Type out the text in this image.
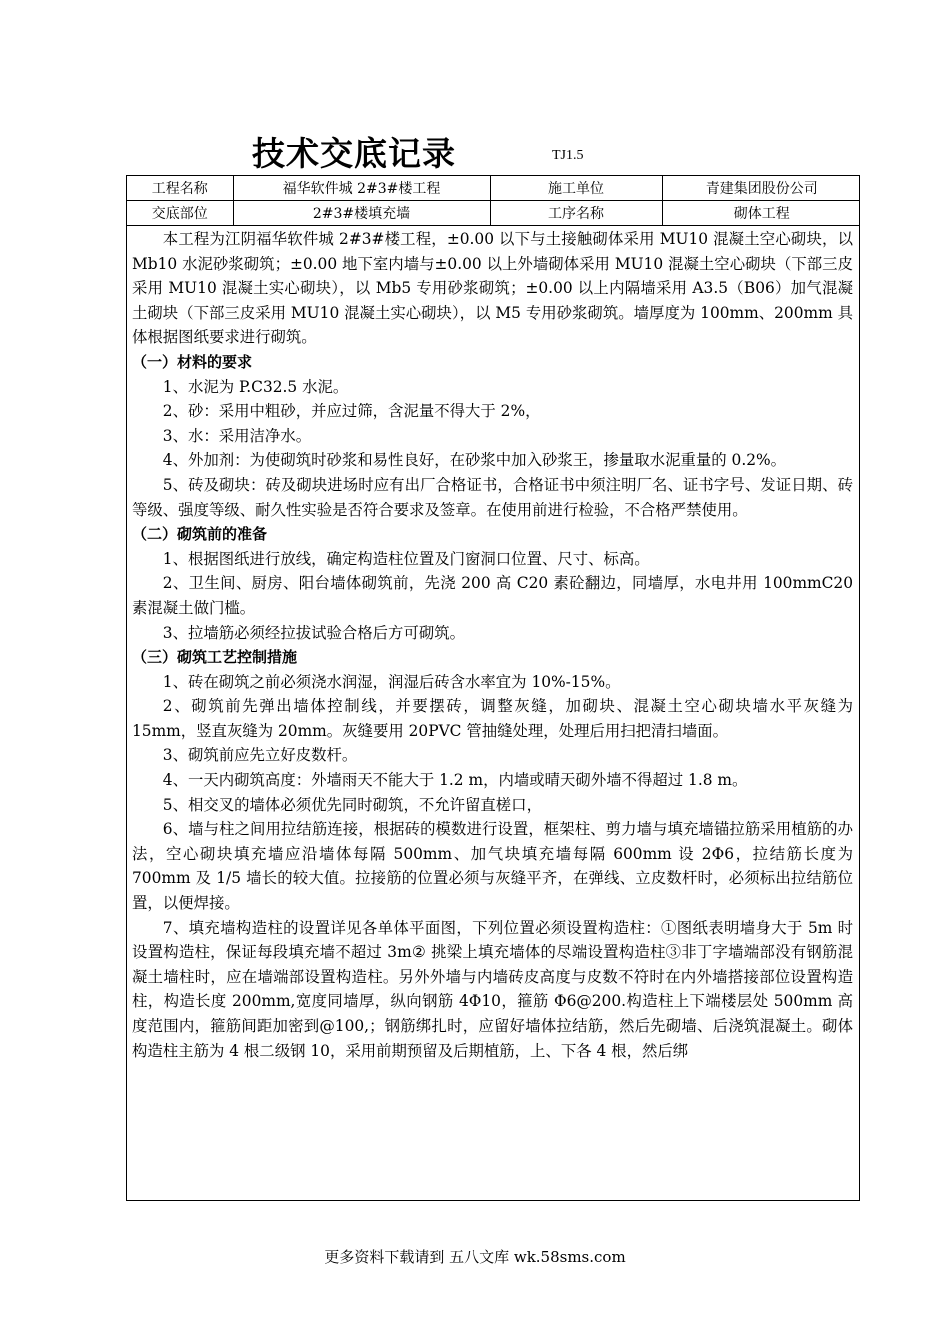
技术交底记录	TJ1.5
工程名称	福华软件城 2#3#楼工程	施工单位	青建集团股份公司
交底部位	2#3#楼填充墙	工序名称	砌体工程

本工程为江阴福华软件城 2#3#楼工程，±0.00 以下与土接触砌体采用 MU10 混凝土空心砌块，以 Mb10 水泥砂浆砌筑；±0.00 地下室内墙与±0.00 以上外墙砌体采用 MU10 混凝土空心砌块（下部三皮采用 MU10 混凝土实心砌块），以 Mb5 专用砂浆砌筑；±0.00 以上内隔墙采用 A3.5（B06）加气混凝土砌块（下部三皮采用 MU10 混凝土实心砌块），以 M5 专用砂浆砌筑。墙厚度为 100mm、200mm 具体根据图纸要求进行砌筑。

（一）材料的要求

1、水泥为 P.C32.5 水泥。

2、砂：采用中粗砂，并应过筛，含泥量不得大于 2%，

3、水：采用洁净水。

4、外加剂：为使砌筑时砂浆和易性良好，在砂浆中加入砂浆王，掺量取水泥重量的 0.2%。

5、砖及砌块：砖及砌块进场时应有出厂合格证书，合格证书中须注明厂名、证书字号、发证日期、砖等级、强度等级、耐久性实验是否符合要求及签章。在使用前进行检验，不合格严禁使用。

（二）砌筑前的准备

1、根据图纸进行放线，确定构造柱位置及门窗洞口位置、尺寸、标高。

2、卫生间、厨房、阳台墙体砌筑前，先浇 200 高 C20 素砼翻边，同墙厚，水电井用 100mmC20 素混凝土做门槛。

3、拉墙筋必须经拉拔试验合格后方可砌筑。

（三）砌筑工艺控制措施

1、砖在砌筑之前必须浇水润湿，润湿后砖含水率宜为 10%-15%。

2、砌筑前先弹出墙体控制线，并要摆砖，调整灰缝，加砌块、混凝土空心砌块墙水平灰缝为 15mm，竖直灰缝为 20mm。灰缝要用 20PVC 管抽缝处理，处理后用扫把清扫墙面。

3、砌筑前应先立好皮数杆。

4、一天内砌筑高度：外墙雨天不能大于 1.2 m，内墙或晴天砌外墙不得超过 1.8 m。

5、相交叉的墙体必须优先同时砌筑，不允许留直槎口，

6、墙与柱之间用拉结筋连接，根据砖的模数进行设置，框架柱、剪力墙与填充墙锚拉筋采用植筋的办法，空心砌块填充墙应沿墙体每隔 500mm、加气块填充墙每隔 600mm 设 2Φ6，拉结筋长度为 700mm 及 1/5 墙长的较大值。拉接筋的位置必须与灰缝平齐，在弹线、立皮数杆时，必须标出拉结筋位置，以便焊接。

7、填充墙构造柱的设置详见各单体平面图，下列位置必须设置构造柱：①图纸表明墙身大于 5m 时设置构造柱，保证每段填充墙不超过 3m② 挑梁上填充墙体的尽端设置构造柱③非丁字墙端部没有钢筋混凝土墙柱时，应在墙端部设置构造柱。另外外墙与内墙砖皮高度与皮数不符时在内外墙搭接部位设置构造柱，构造长度 200mm,宽度同墙厚，纵向钢筋 4Φ10，箍筋 Φ6@200.构造柱上下端楼层处 500mm 高度范围内，箍筋间距加密到@100,；钢筋绑扎时，应留好墙体拉结筋，然后先砌墙、后浇筑混凝土。砌体构造柱主筋为 4 根二级钢 10，采用前期预留及后期植筋，上、下各 4 根，然后绑

更多资料下载请到 五八文库 wk.58sms.com
